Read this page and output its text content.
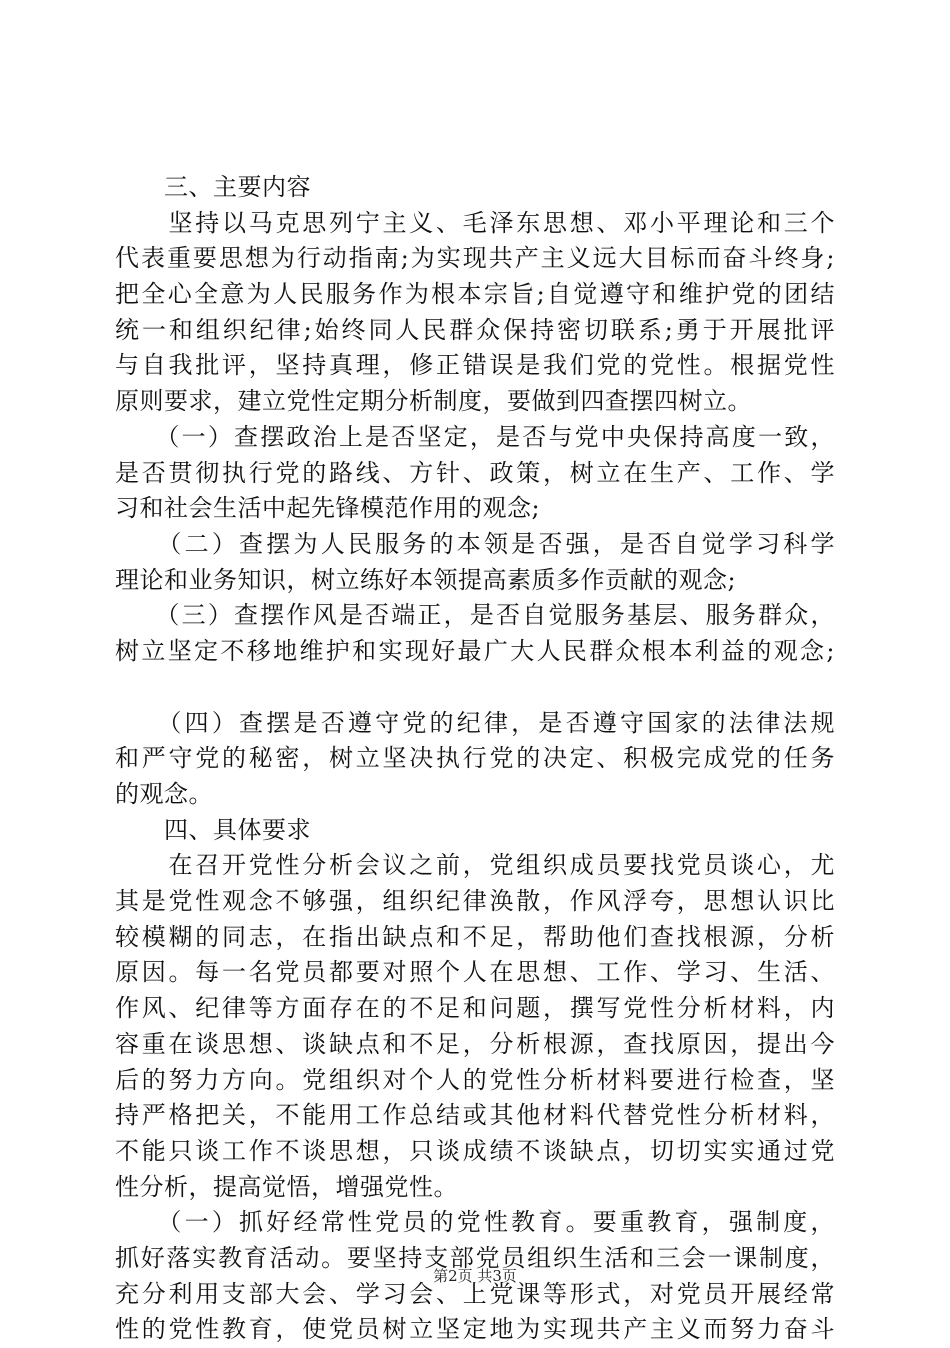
　　三、主要内容
　　坚持以马克思列宁主义、毛泽东思想、邓小平理论和三个
代表重要思想为行动指南;为实现共产主义远大目标而奋斗终身;
把全心全意为人民服务作为根本宗旨;自觉遵守和维护党的团结
统一和组织纪律;始终同人民群众保持密切联系;勇于开展批评
与自我批评，坚持真理，修正错误是我们党的党性。根据党性
原则要求，建立党性定期分析制度，要做到四查摆四树立。
　　（一）查摆政治上是否坚定，是否与党中央保持高度一致，
是否贯彻执行党的路线、方针、政策，树立在生产、工作、学
习和社会生活中起先锋模范作用的观念;
　　（二）查摆为人民服务的本领是否强，是否自觉学习科学
理论和业务知识，树立练好本领提高素质多作贡献的观念;
　　（三）查摆作风是否端正，是否自觉服务基层、服务群众，
树立坚定不移地维护和实现好最广大人民群众根本利益的观念;
　　（四）查摆是否遵守党的纪律，是否遵守国家的法律法规
和严守党的秘密，树立坚决执行党的决定、积极完成党的任务
的观念。
　　四、具体要求
　　在召开党性分析会议之前，党组织成员要找党员谈心，尤
其是党性观念不够强，组织纪律涣散，作风浮夸，思想认识比
较模糊的同志，在指出缺点和不足，帮助他们查找根源，分析
原因。每一名党员都要对照个人在思想、工作、学习、生活、
作风、纪律等方面存在的不足和问题，撰写党性分析材料，内
容重在谈思想、谈缺点和不足，分析根源，查找原因，提出今
后的努力方向。党组织对个人的党性分析材料要进行检查，坚
持严格把关，不能用工作总结或其他材料代替党性分析材料，
不能只谈工作不谈思想，只谈成绩不谈缺点，切切实实通过党
性分析，提高觉悟，增强党性。
　　（一）抓好经常性党员的党性教育。要重教育，强制度，
抓好落实教育活动。要坚持支部党员组织生活和三会一课制度，
充分利用支部大会、学习会、上党课等形式，对党员开展经常
性的党性教育，使党员树立坚定地为实现共产主义而努力奋斗
第2页 共3页
